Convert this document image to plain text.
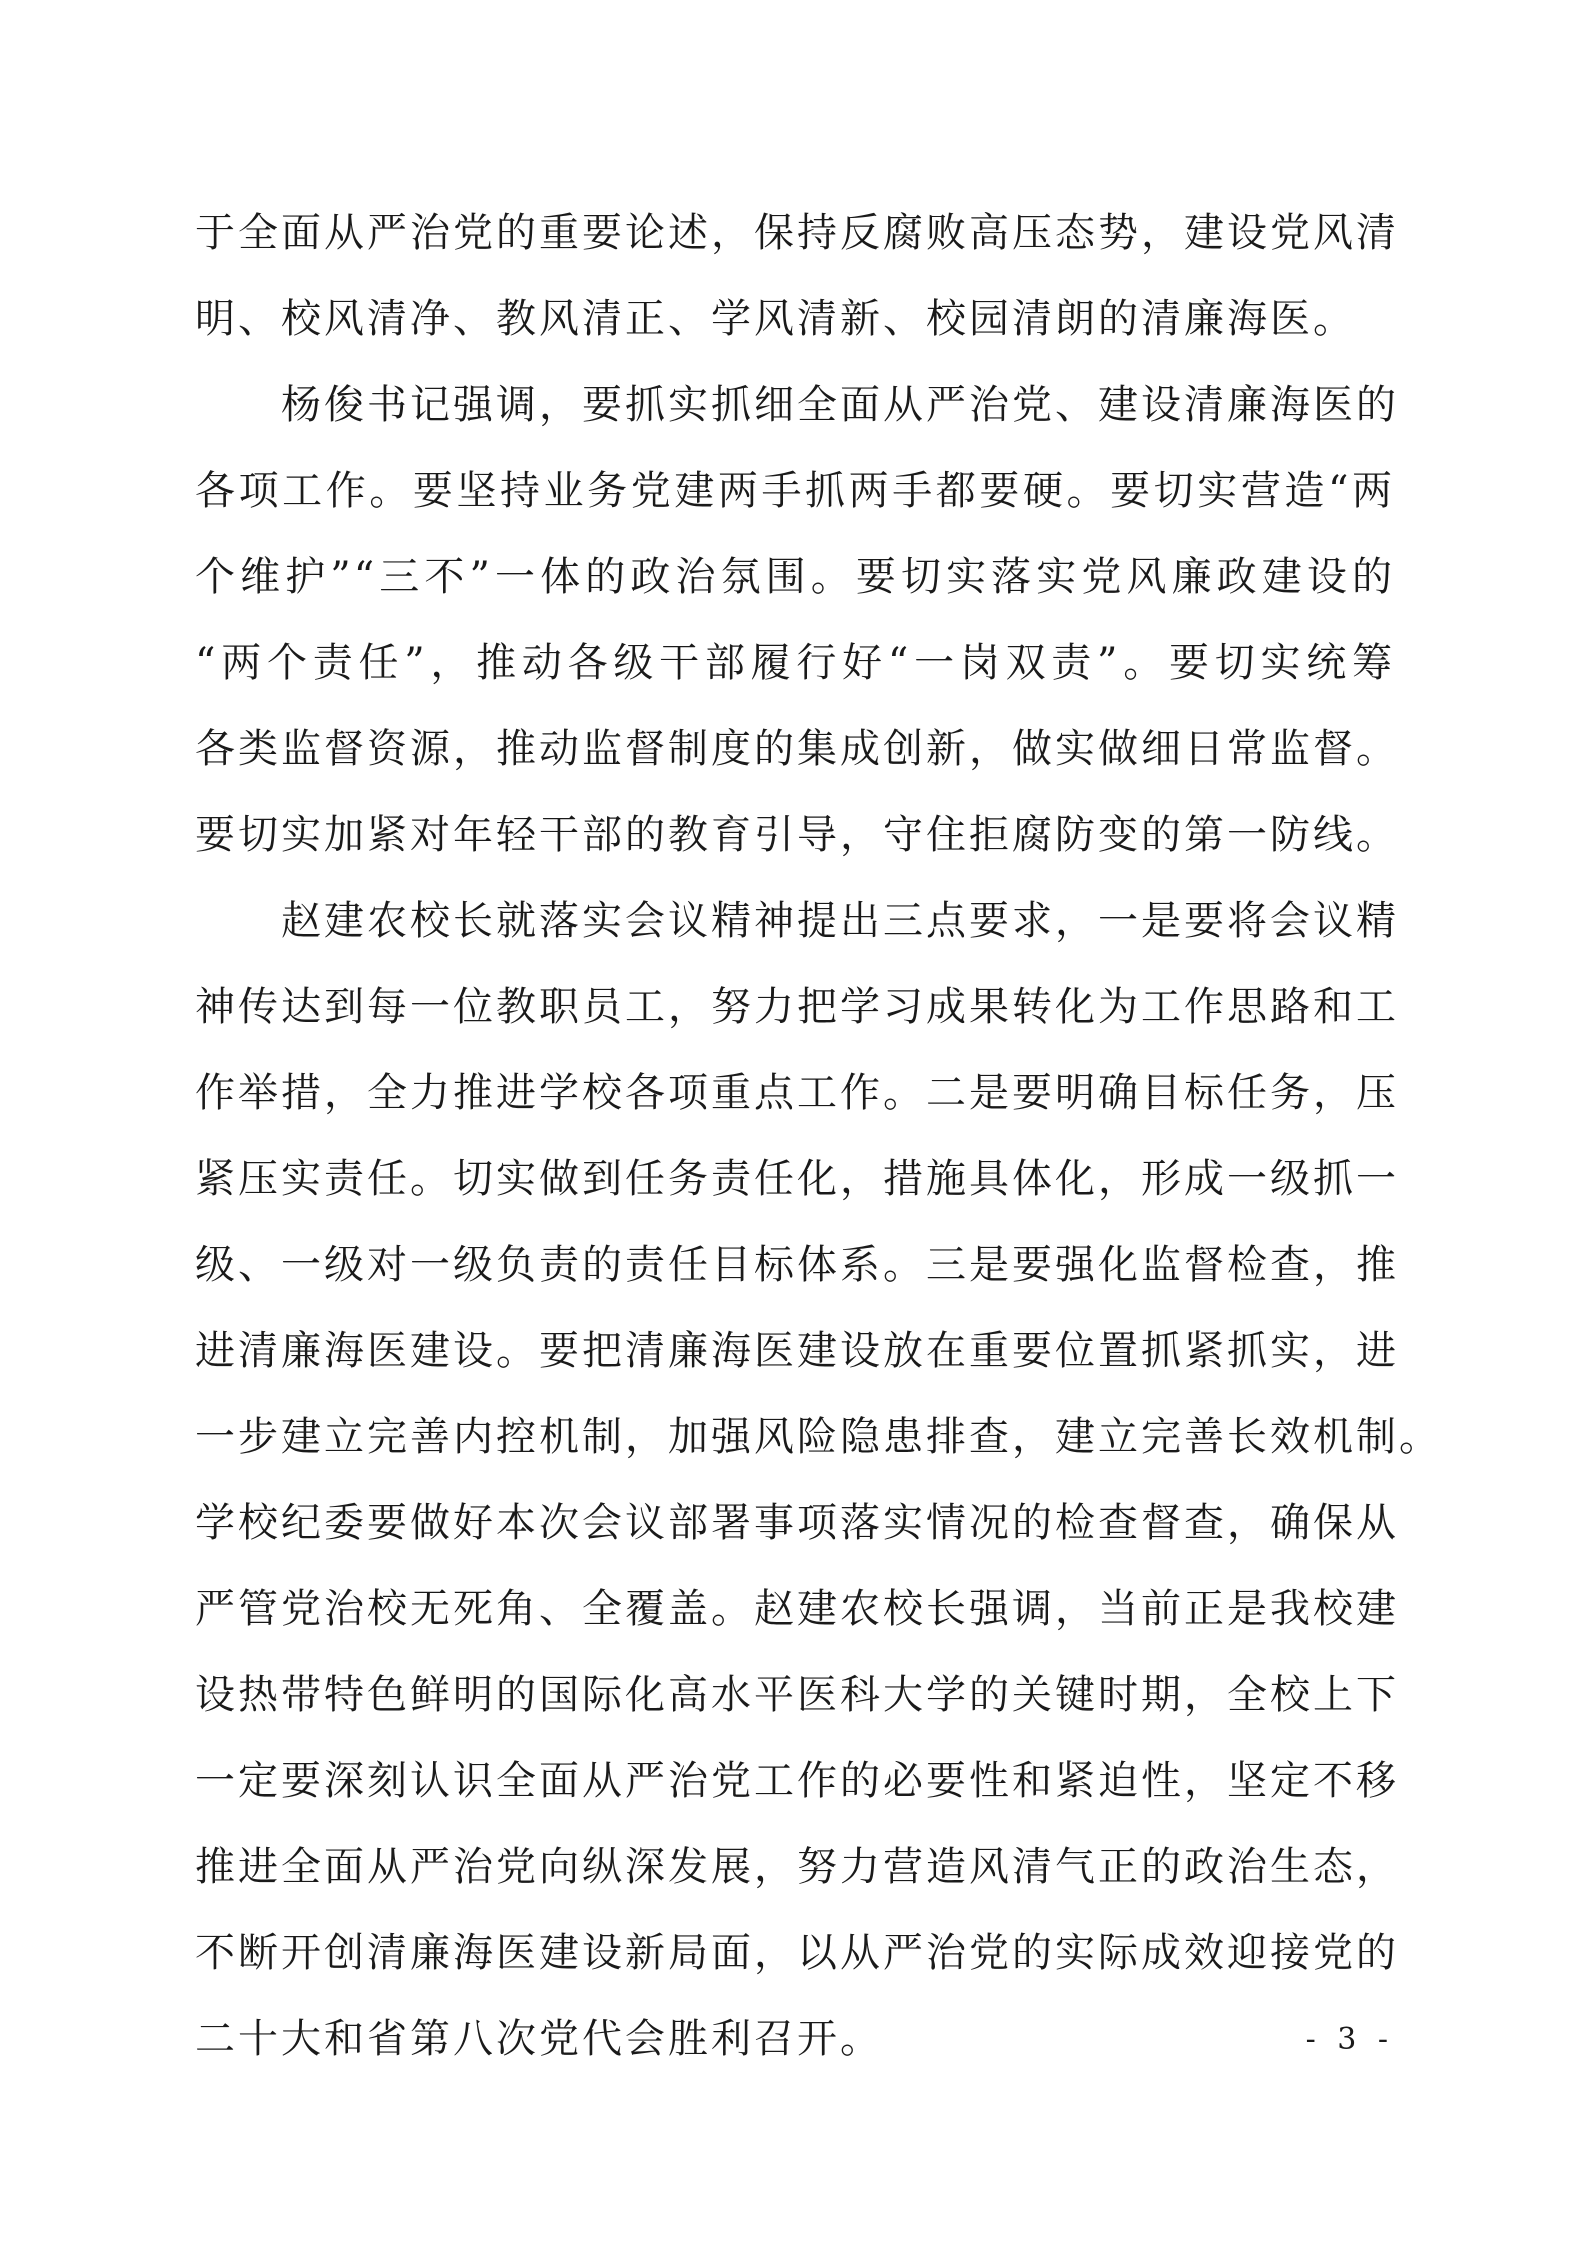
于全面从严治党的重要论述，保持反腐败高压态势，建设党风清
明、校风清净、教风清正、学风清新、校园清朗的清廉海医。
杨俊书记强调，要抓实抓细全面从严治党、建设清廉海医的
各项工作。要坚持业务党建两手抓两手都要硬。要切实营造“两
个维护”“三不”一体的政治氛围。要切实落实党风廉政建设的
“两个责任”，推动各级干部履行好“一岗双责”。要切实统筹
各类监督资源，推动监督制度的集成创新，做实做细日常监督。
要切实加紧对年轻干部的教育引导，守住拒腐防变的第一防线。
赵建农校长就落实会议精神提出三点要求，一是要将会议精
神传达到每一位教职员工，努力把学习成果转化为工作思路和工
作举措，全力推进学校各项重点工作。二是要明确目标任务，压
紧压实责任。切实做到任务责任化，措施具体化，形成一级抓一
级、一级对一级负责的责任目标体系。三是要强化监督检查，推
进清廉海医建设。要把清廉海医建设放在重要位置抓紧抓实，进
一步建立完善内控机制，加强风险隐患排查，建立完善长效机制。
学校纪委要做好本次会议部署事项落实情况的检查督查，确保从
严管党治校无死角、全覆盖。赵建农校长强调，当前正是我校建
设热带特色鲜明的国际化高水平医科大学的关键时期，全校上下
一定要深刻认识全面从严治党工作的必要性和紧迫性，坚定不移
推进全面从严治党向纵深发展，努力营造风清气正的政治生态，
不断开创清廉海医建设新局面，以从严治党的实际成效迎接党的
二十大和省第八次党代会胜利召开。	- 3 -
